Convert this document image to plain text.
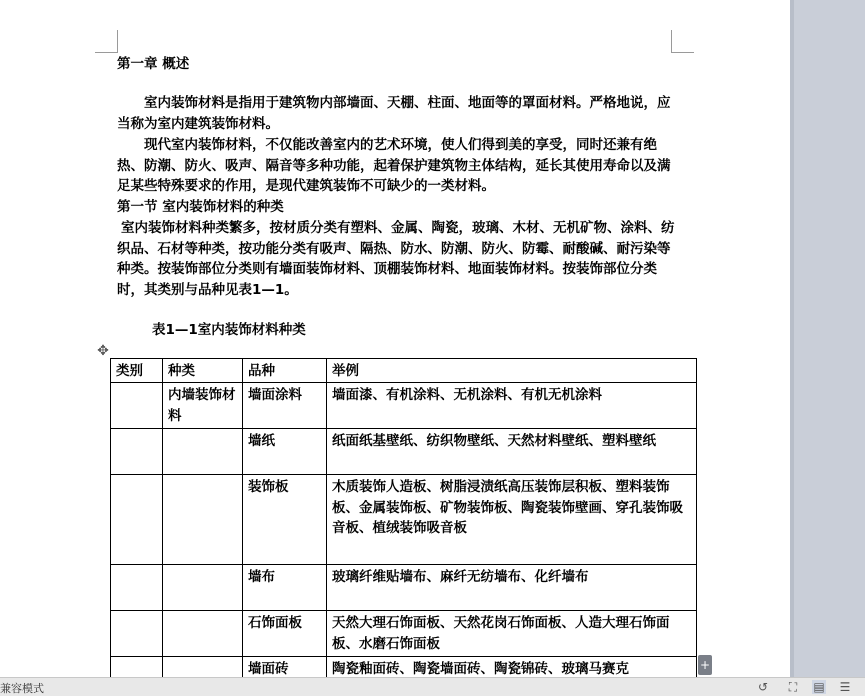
第一章 概述
室内装饰材料是指用于建筑物内部墙面、天棚、柱面、地面等的罩面材料。严格地说，应当称为室内建筑装饰材料。
现代室内装饰材料，不仅能改善室内的艺术环境，使人们得到美的享受，同时还兼有绝热、防潮、防火、吸声、隔音等多种功能，起着保护建筑物主体结构，延长其使用寿命以及满足某些特殊要求的作用，是现代建筑装饰不可缺少的一类材料。
第一节 室内装饰材料的种类
室内装饰材料种类繁多，按材质分类有塑料、金属、陶瓷，玻璃、木材、无机矿物、涂料、纺织品、石材等种类，按功能分类有吸声、隔热、防水、防潮、防火、防霉、耐酸碱、耐污染等种类。按装饰部位分类则有墙面装饰材料、顶棚装饰材料、地面装饰材料。按装饰部位分类时，其类别与品种见表1—1。
表1—1室内装饰材料种类
✥
类别	种类	品种	举例
	内墙装饰材料	墙面涂料	墙面漆、有机涂料、无机涂料、有机无机涂料
		墙纸	纸面纸基壁纸、纺织物壁纸、天然材料壁纸、塑料壁纸
		装饰板	木质装饰人造板、树脂浸渍纸高压装饰层积板、塑料装饰板、金属装饰板、矿物装饰板、陶瓷装饰壁画、穿孔装饰吸音板、植绒装饰吸音板
		墙布	玻璃纤维贴墙布、麻纤无纺墙布、化纤墙布
		石饰面板	天然大理石饰面板、天然花岗石饰面板、人造大理石饰面板、水磨石饰面板
		墙面砖	陶瓷釉面砖、陶瓷墙面砖、陶瓷锦砖、玻璃马赛克	+
兼容模式	↺ ⛶ ▤ ☰
